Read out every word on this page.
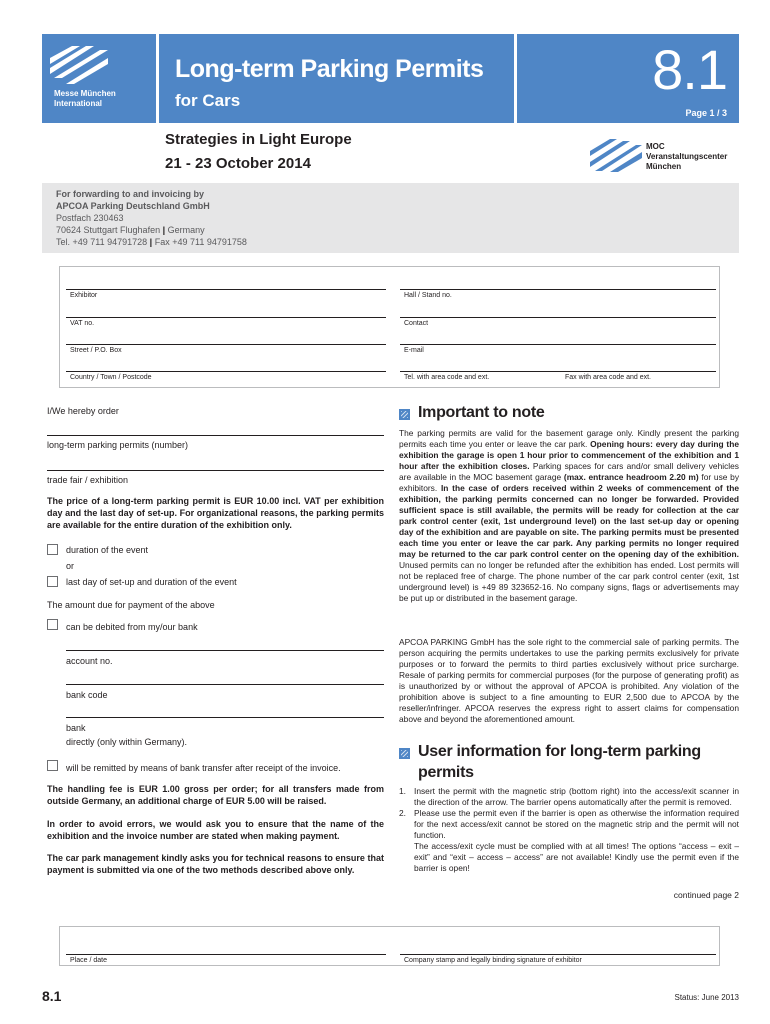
Messe München
International
Long-term Parking Permits
for Cars	8.1
Page 1 / 3
Strategies in Light Europe
21 - 23 October 2014
MOC
Veranstaltungscenter
München
For forwarding to and invoicing by
APCOA Parking Deutschland GmbH
Postfach 230463
70624 Stuttgart Flughafen | Germany
Tel. +49 711 94791728 | Fax +49 711 94791758
Exhibitor	Hall / Stand no.
VAT no.	Contact
Street / P.O. Box	E-mail
Country / Town / Postcode	Tel. with area code and ext.	Fax with area code and ext.
I/We hereby order
long-term parking permits (number)
trade fair / exhibition
The price of a long-term parking permit is EUR 10.00 incl. VAT per exhibition day and the last day of set-up. For organizational reasons, the parking permits are available for the entire duration of the exhibition only.
duration of the event
or
last day of set-up and duration of the event
The amount due for payment of the above
can be debited from my/our bank
account no.
bank code
bank
directly (only within Germany).
will be remitted by means of bank transfer after receipt of the invoice.
The handling fee is EUR 1.00 gross per order; for all transfers made from outside Germany, an additional charge of EUR 5.00 will be raised.
In order to avoid errors, we would ask you to ensure that the name of the exhibition and the invoice number are stated when making payment.
The car park management kindly asks you for technical reasons to ensure that payment is submitted via one of the two methods described above only.
Important to note
The parking permits are valid for the basement garage only. Kindly present the parking permits each time you enter or leave the car park. Opening hours: every day during the exhibition the garage is open 1 hour prior to commencement of the exhibition and 1 hour after the exhibition closes. Parking spaces for cars and/or small delivery vehicles are available in the MOC basement garage (max. entrance headroom 2.20 m) for use by exhibitors. In the case of orders received within 2 weeks of commencement of the exhibition, the parking permits concerned can no longer be forwarded. Provided sufficient space is still available, the permits will be ready for collection at the car park control center (exit, 1st underground level) on the last set-up day or opening day of the exhibition and are payable on site. The parking permits must be presented each time you enter or leave the car park. Any parking permits no longer required may be returned to the car park control center on the opening day of the exhibition. Unused permits can no longer be refunded after the exhibition has ended. Lost permits will not be replaced free of charge. The phone number of the car park control center (exit, 1st underground level) is +49 89 323652-16. No company signs, flags or advertisements may be put up or distributed in the basement garage.
APCOA PARKING GmbH has the sole right to the commercial sale of parking permits. The person acquiring the permits undertakes to use the parking permits exclusively for private purposes or to forward the permits to third parties exclusively without price surcharge. Resale of parking permits for commercial purposes (for the purpose of generating profit) as is unauthorized by or without the approval of APCOA is prohibited. Any violation of the prohibition above is subject to a fine amounting to EUR 2,500 due to APCOA by the reseller/infringer. APCOA reserves the express right to assert claims for compensation above and beyond the aforementioned amount.
User information for long-term parking
permits
1. Insert the permit with the magnetic strip (bottom right) into the access/exit scanner in the direction of the arrow. The barrier opens automatically after the permit is removed.
2. Please use the permit even if the barrier is open as otherwise the information required for the next access/exit cannot be stored on the magnetic strip and the permit will not function.
The access/exit cycle must be complied with at all times! The options “access – exit – exit” and “exit – access – access” are not available! Kindly use the permit even if the barrier is open!
continued page 2
Place / date	Company stamp and legally binding signature of exhibitor
8.1	Status: June 2013
